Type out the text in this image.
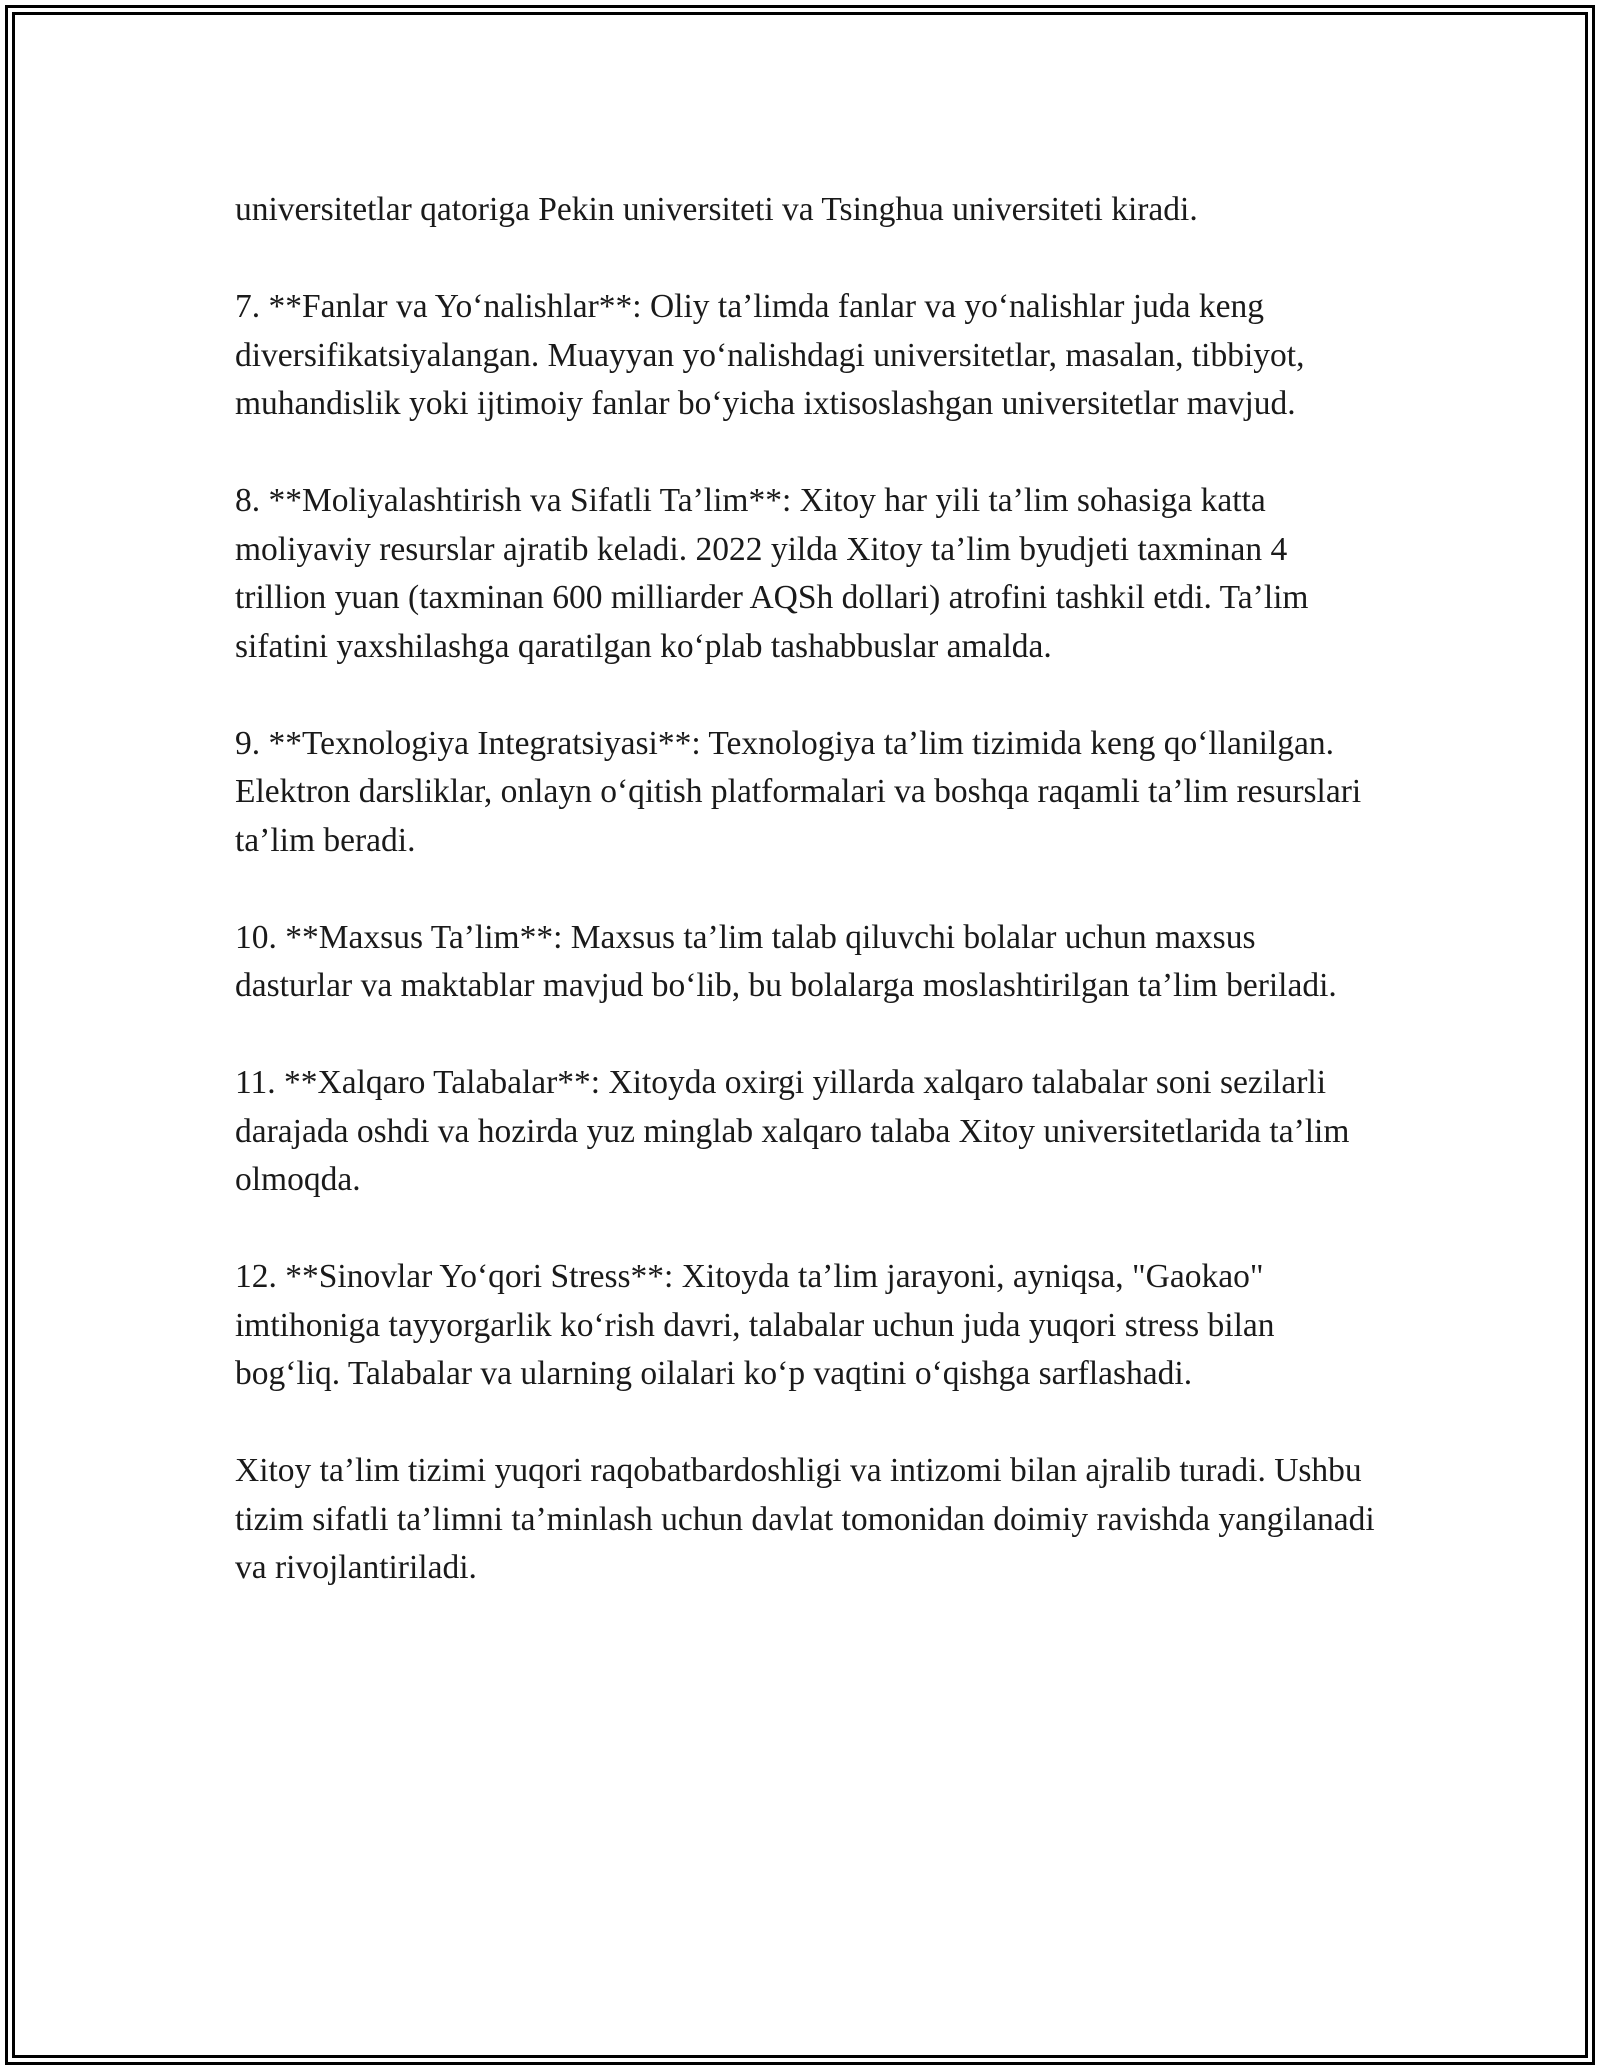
universitetlar qatoriga Pekin universiteti va Tsinghua universiteti kiradi.

7. **Fanlar va Yo‘nalishlar**: Oliy ta’limda fanlar va yo‘nalishlar juda keng diversifikatsiyalangan. Muayyan yo‘nalishdagi universitetlar, masalan, tibbiyot, muhandislik yoki ijtimoiy fanlar bo‘yicha ixtisoslashgan universitetlar mavjud.

8. **Moliyalashtirish va Sifatli Ta’lim**: Xitoy har yili ta’lim sohasiga katta moliyaviy resurslar ajratib keladi. 2022 yilda Xitoy ta’lim byudjeti taxminan 4 trillion yuan (taxminan 600 milliarder AQSh dollari) atrofini tashkil etdi. Ta’lim sifatini yaxshilashga qaratilgan ko‘plab tashabbuslar amalda.

9. **Texnologiya Integratsiyasi**: Texnologiya ta’lim tizimida keng qo‘llanilgan. Elektron darsliklar, onlayn o‘qitish platformalari va boshqa raqamli ta’lim resurslari ta’lim beradi.

10. **Maxsus Ta’lim**: Maxsus ta’lim talab qiluvchi bolalar uchun maxsus dasturlar va maktablar mavjud bo‘lib, bu bolalarga moslashtirilgan ta’lim beriladi.

11. **Xalqaro Talabalar**: Xitoyda oxirgi yillarda xalqaro talabalar soni sezilarli darajada oshdi va hozirda yuz minglab xalqaro talaba Xitoy universitetlarida ta’lim olmoqda.

12. **Sinovlar Yo‘qori Stress**: Xitoyda ta’lim jarayoni, ayniqsa, "Gaokao" imtihoniga tayyorgarlik ko‘rish davri, talabalar uchun juda yuqori stress bilan bog‘liq. Talabalar va ularning oilalari ko‘p vaqtini o‘qishga sarflashadi.

Xitoy ta’lim tizimi yuqori raqobatbardoshligi va intizomi bilan ajralib turadi. Ushbu tizim sifatli ta’limni ta’minlash uchun davlat tomonidan doimiy ravishda yangilanadi va rivojlantiriladi.
